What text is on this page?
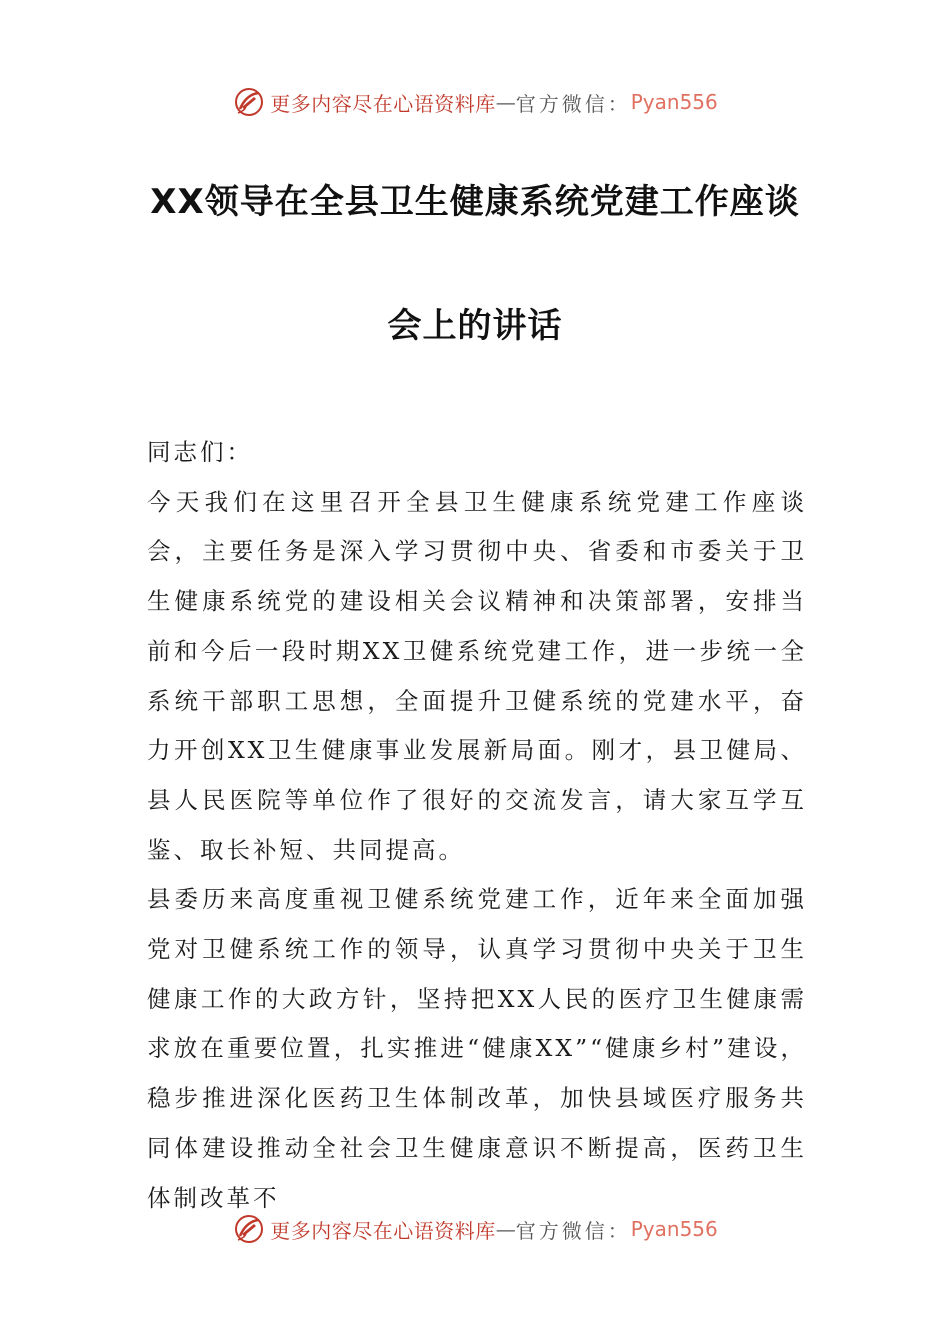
更多内容尽在心语资料库 — 官方微信： Pyan556
XX领导在全县卫生健康系统党建工作座谈
会上的讲话

同志们：

今天我们在这里召开全县卫生健康系统党建工作座谈会，主要任务是深入学习贯彻中央、省委和市委关于卫生健康系统党的建设相关会议精神和决策部署，安排当前和今后一段时期XX卫健系统党建工作，进一步统一全系统干部职工思想，全面提升卫健系统的党建水平，奋力开创XX卫生健康事业发展新局面。刚才，县卫健局、县人民医院等单位作了很好的交流发言，请大家互学互鉴、取长补短、共同提高。

县委历来高度重视卫健系统党建工作，近年来全面加强党对卫健系统工作的领导，认真学习贯彻中央关于卫生健康工作的大政方针，坚持把XX人民的医疗卫生健康需求放在重要位置，扎实推进“健康XX”“健康乡村”建设，稳步推进深化医药卫生体制改革，加快县域医疗服务共同体建设推动全社会卫生健康意识不断提高，医药卫生体制改革不

更多内容尽在心语资料库 — 官方微信： Pyan556
